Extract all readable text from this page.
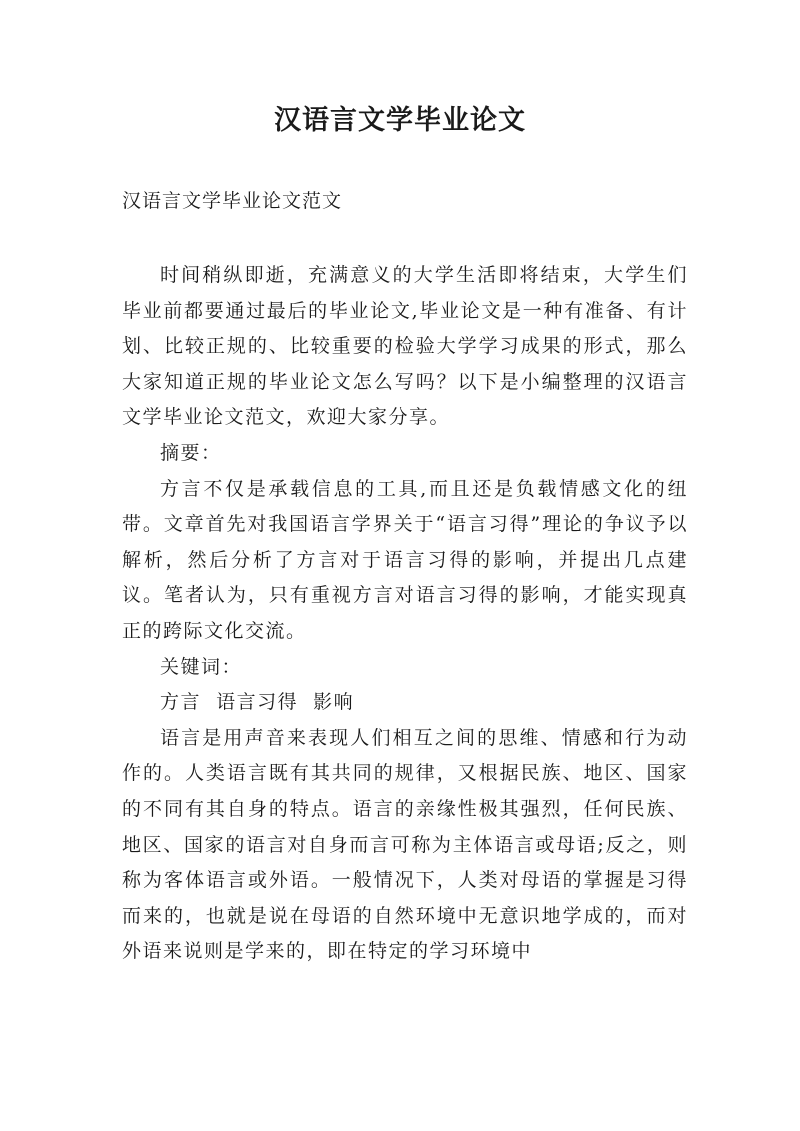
汉语言文学毕业论文
汉语言文学毕业论文范文

时间稍纵即逝，充满意义的大学生活即将结束，大学生们毕业前都要通过最后的毕业论文,毕业论文是一种有准备、有计划、比较正规的、比较重要的检验大学学习成果的形式，那么大家知道正规的毕业论文怎么写吗？以下是小编整理的汉语言文学毕业论文范文，欢迎大家分享。

摘要：

方言不仅是承载信息的工具,而且还是负载情感文化的纽带。文章首先对我国语言学界关于“语言习得”理论的争议予以解析，然后分析了方言对于语言习得的影响，并提出几点建议。笔者认为，只有重视方言对语言习得的影响，才能实现真正的跨际文化交流。

关键词：

方言  语言习得  影响

语言是用声音来表现人们相互之间的思维、情感和行为动作的。人类语言既有其共同的规律，又根据民族、地区、国家的不同有其自身的特点。语言的亲缘性极其强烈，任何民族、地区、国家的语言对自身而言可称为主体语言或母语;反之，则称为客体语言或外语。一般情况下，人类对母语的掌握是习得而来的，也就是说在母语的自然环境中无意识地学成的，而对外语来说则是学来的，即在特定的学习环境中
